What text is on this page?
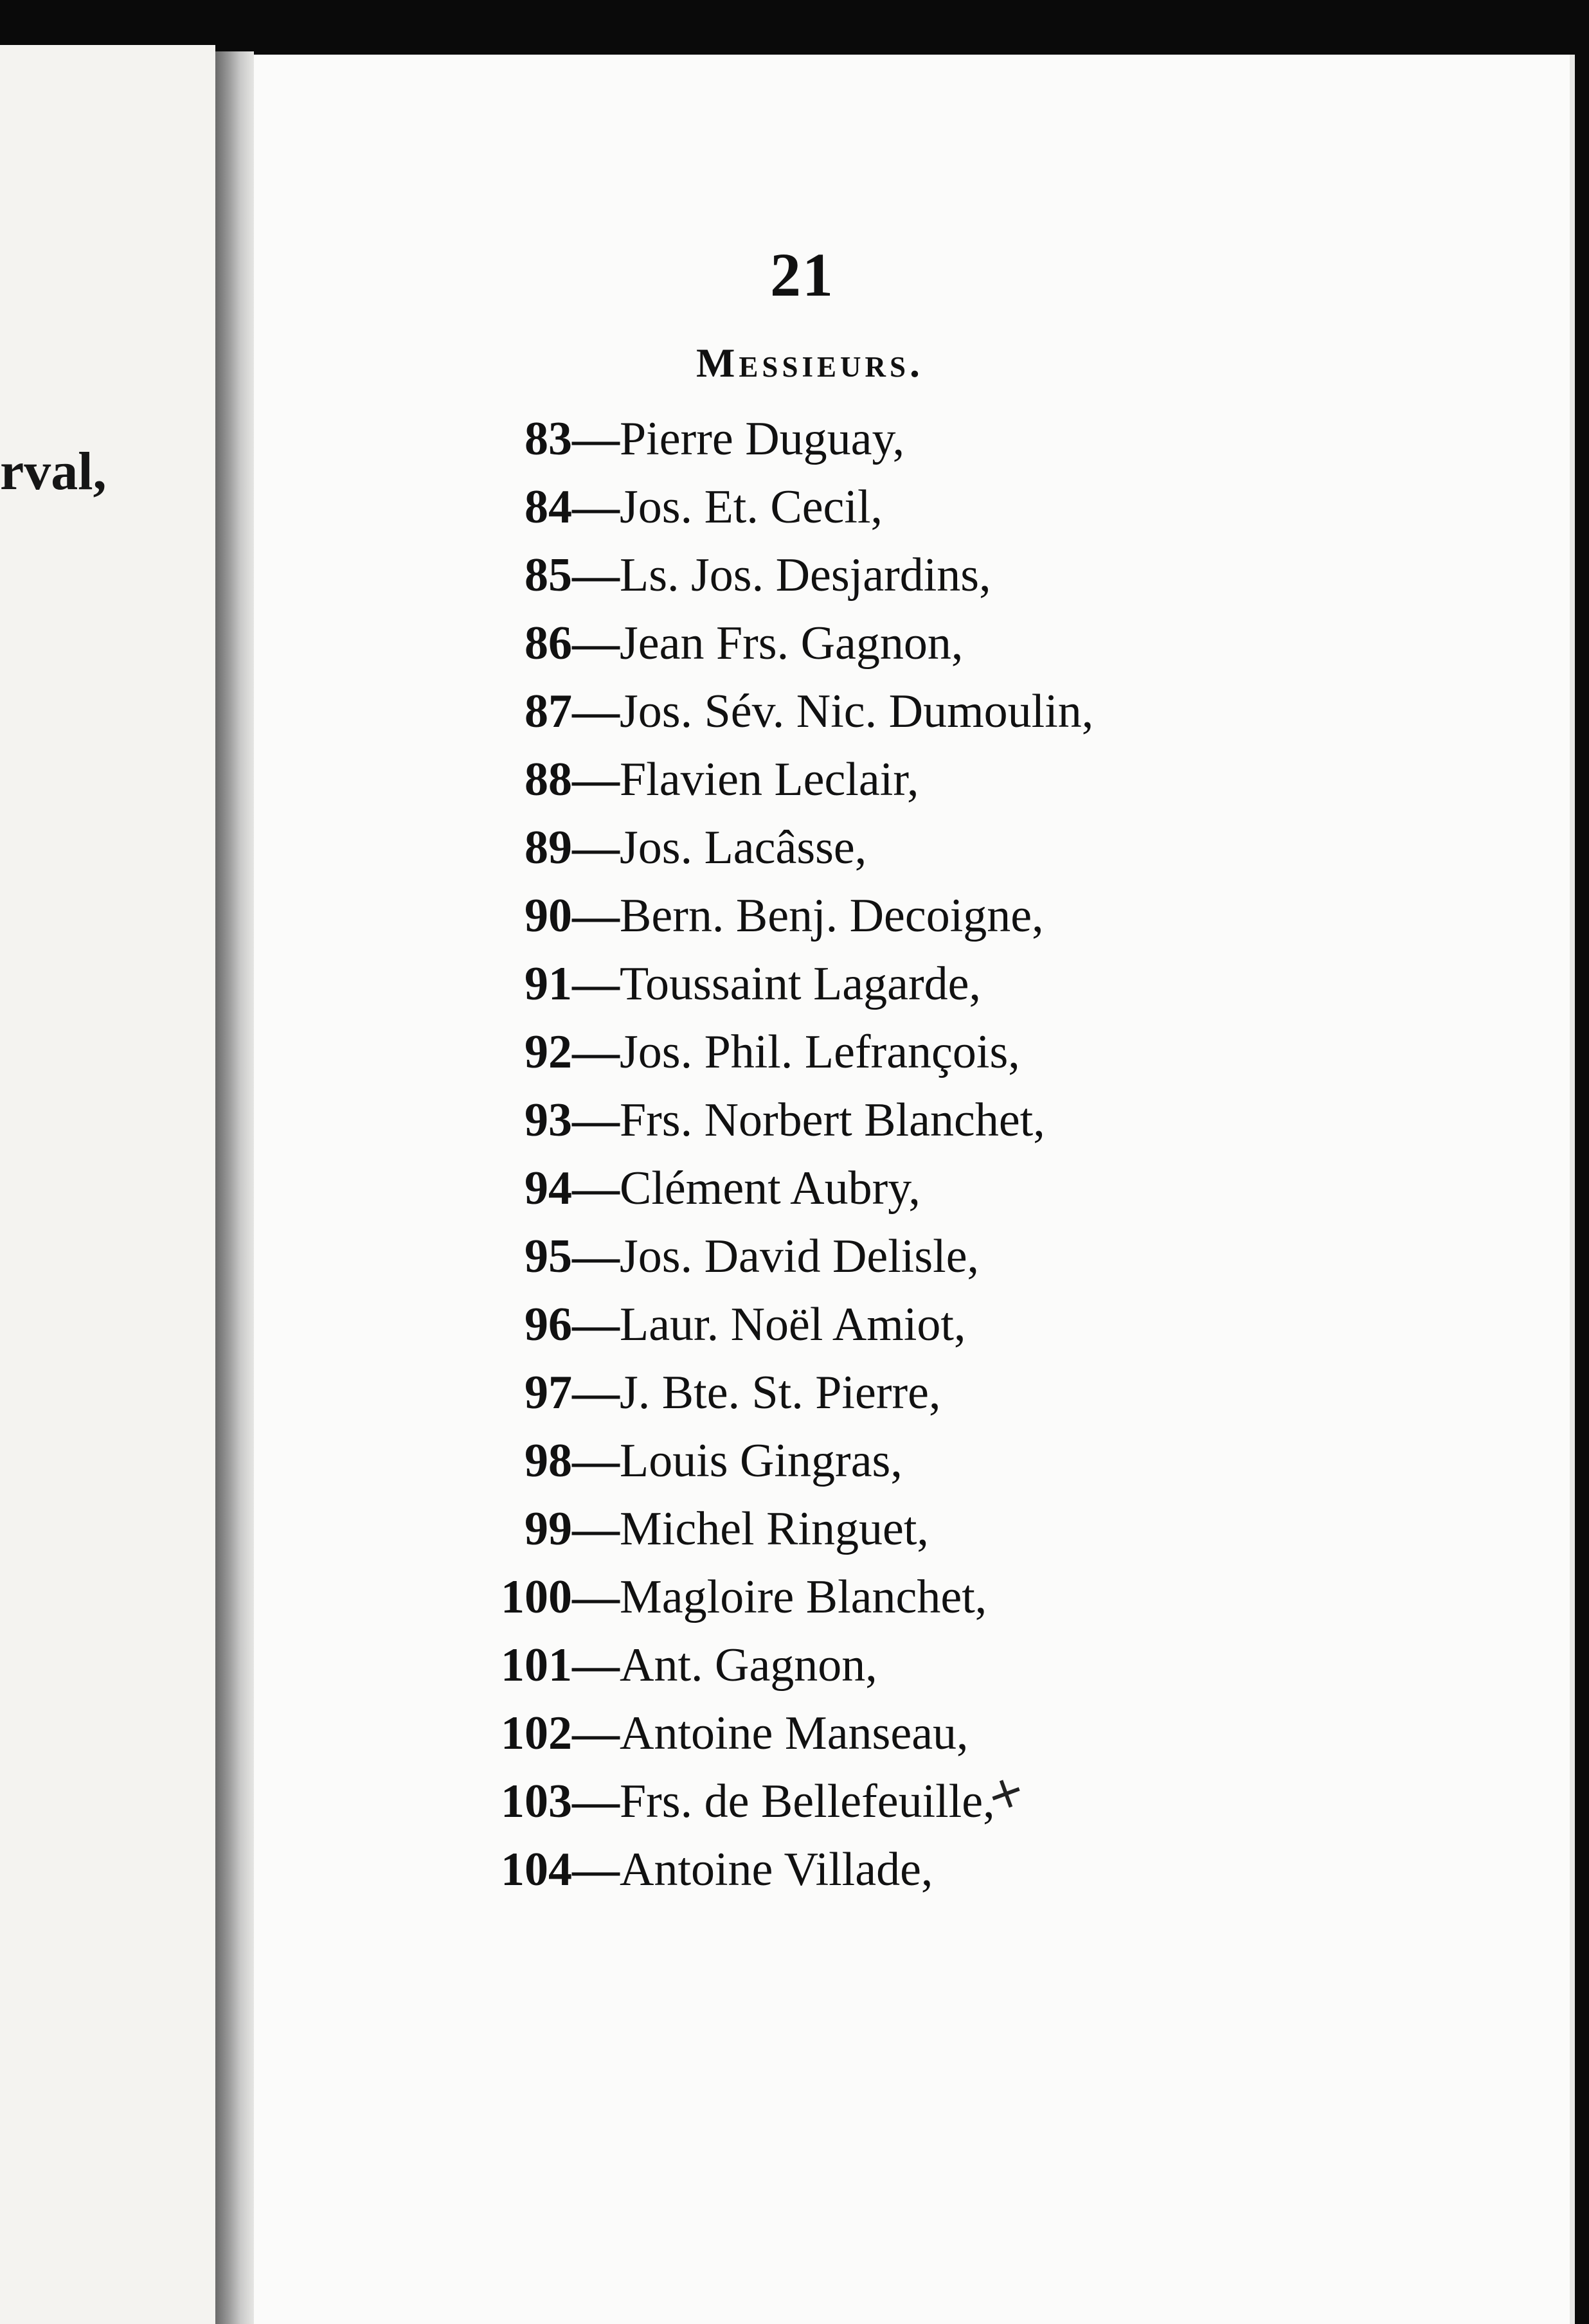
rval,
21
Messieurs.
83—Pierre Duguay,
84—Jos. Et. Cecil,
85—Ls. Jos. Desjardins,
86—Jean Frs. Gagnon,
87—Jos. Sév. Nic. Dumoulin,
88—Flavien Leclair,
89—Jos. Lacâsse,
90—Bern. Benj. Decoigne,
91—Toussaint Lagarde,
92—Jos. Phil. Lefrançois,
93—Frs. Norbert Blanchet,
94—Clément Aubry,
95—Jos. David Delisle,
96—Laur. Noël Amiot,
97—J. Bte. St. Pierre,
98—Louis Gingras,
99—Michel Ringuet,
100—Magloire Blanchet,
101—Ant. Gagnon,
102—Antoine Manseau,
103—Frs. de Bellefeuille,
104—Antoine Villade,
+
